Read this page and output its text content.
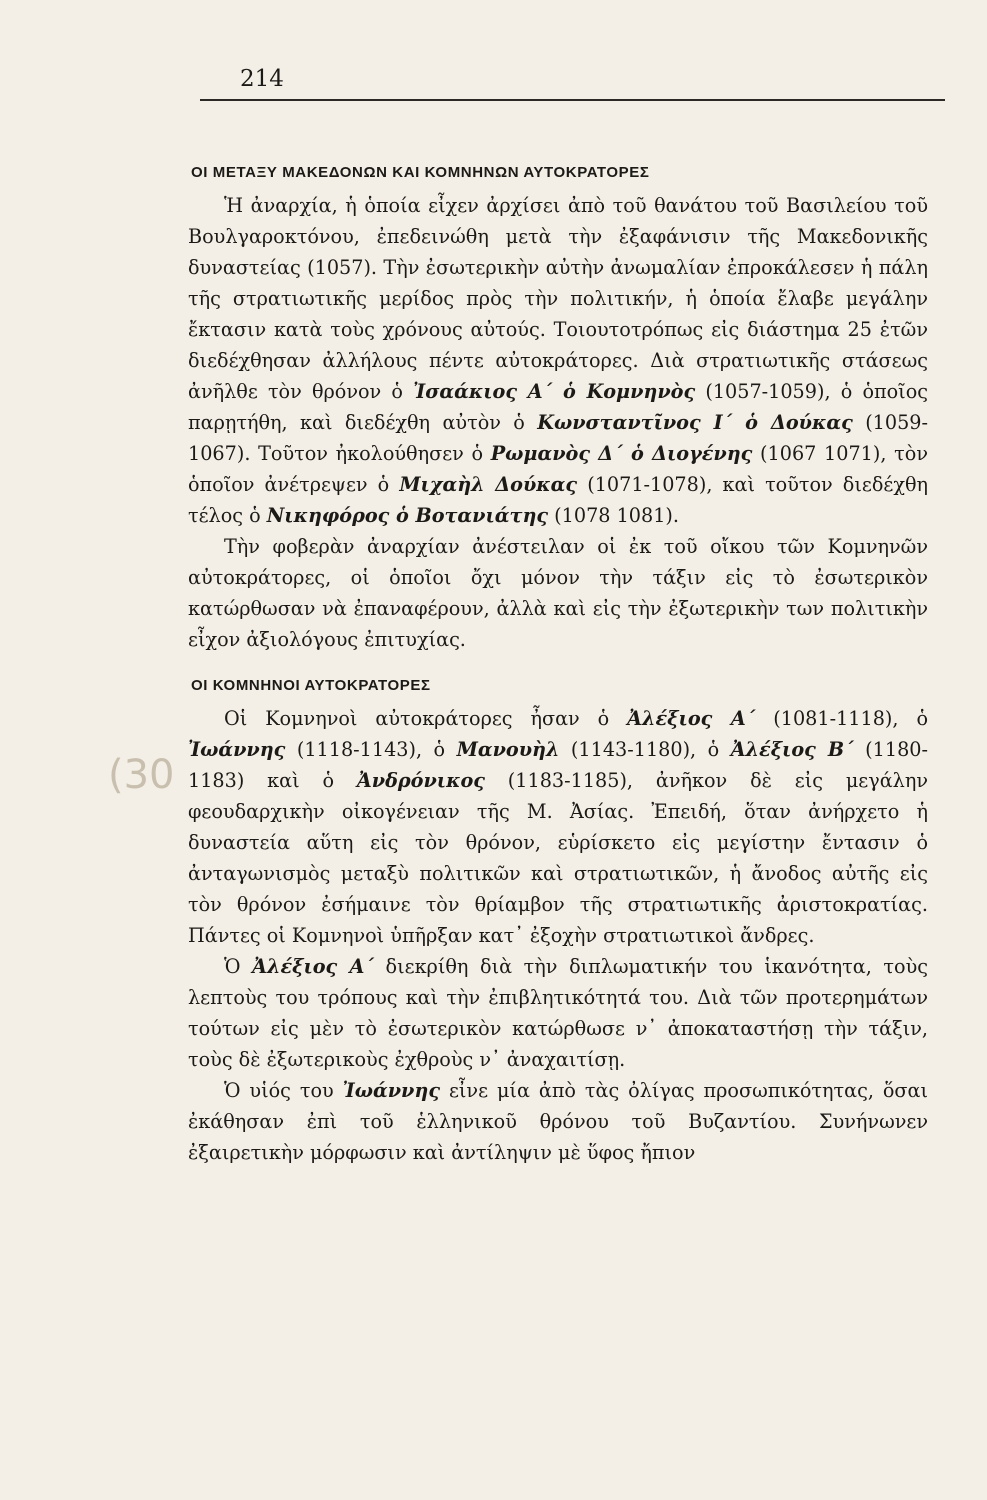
214
(30
ΟΙ ΜΕΤΑΞΥ ΜΑΚΕΔΟΝΩΝ ΚΑΙ ΚΟΜΝΗΝΩΝ ΑΥΤΟΚΡΑΤΟΡΕΣ

Ἡ ἀναρχία, ἡ ὁποία εἶχεν ἀρχίσει ἀπὸ τοῦ θανάτου τοῦ Βασιλείου τοῦ Βουλγαροκτόνου, ἐπεδεινώθη μετὰ τὴν ἐξαφάνισιν τῆς Μακεδονικῆς δυναστείας (1057). Τὴν ἐσωτερικὴν αὐτὴν ἀνωμαλίαν ἐπροκάλεσεν ἡ πάλη τῆς στρατιωτικῆς μερίδος πρὸς τὴν πολιτικήν, ἡ ὁποία ἔλαβε μεγάλην ἔκτασιν κατὰ τοὺς χρόνους αὐτούς. Τοιουτοτρόπως εἰς διάστημα 25 ἐτῶν διεδέχθησαν ἀλλήλους πέντε αὐτοκράτορες. Διὰ στρατιωτικῆς στάσεως ἀνῆλθε τὸν θρόνον ὁ Ἰσαάκιος Α΄ ὁ Κομνηνὸς (1057-1059), ὁ ὁποῖος παρῃτήθη, καὶ διεδέχθη αὐτὸν ὁ Κωνσταντῖνος Ι΄ ὁ Δούκας (1059-1067). Τοῦτον ἠκολούθησεν ὁ Ρωμανὸς Δ΄ ὁ Διογένης (1067 1071), τὸν ὁποῖον ἀνέτρεψεν ὁ Μιχαὴλ Δούκας (1071-1078), καὶ τοῦτον διεδέχθη τέλος ὁ Νικηφόρος ὁ Βοτανιάτης (1078 1081).

Τὴν φοβερὰν ἀναρχίαν ἀνέστειλαν οἱ ἐκ τοῦ οἴκου τῶν Κομνηνῶν αὐτοκράτορες, οἱ ὁποῖοι ὄχι μόνον τὴν τάξιν εἰς τὸ ἐσωτερικὸν κατώρθωσαν νὰ ἐπαναφέρουν, ἀλλὰ καὶ εἰς τὴν ἐξωτερικὴν των πολιτικὴν εἶχον ἀξιολόγους ἐπιτυχίας.

ΟΙ ΚΟΜΝΗΝΟΙ ΑΥΤΟΚΡΑΤΟΡΕΣ

Οἱ Κομνηνοὶ αὐτοκράτορες ἦσαν ὁ Ἀλέξιος Α΄ (1081-1118), ὁ Ἰωάννης (1118-1143), ὁ Μανουὴλ (1143-1180), ὁ Ἀλέξιος Β΄ (1180-1183) καὶ ὁ Ἀνδρόνικος (1183-1185), ἀνῆκον δὲ εἰς μεγάλην φεουδαρχικὴν οἰκογένειαν τῆς Μ. Ἀσίας. Ἐπειδή, ὅταν ἀνήρχετο ἡ δυναστεία αὕτη εἰς τὸν θρόνον, εὑρίσκετο εἰς μεγίστην ἔντασιν ὁ ἀνταγωνισμὸς μεταξὺ πολιτικῶν καὶ στρατιωτικῶν, ἡ ἄνοδος αὐτῆς εἰς τὸν θρόνον ἐσήμαινε τὸν θρίαμβον τῆς στρατιωτικῆς ἀριστοκρατίας. Πάντες οἱ Κομνηνοὶ ὑπῆρξαν κατ᾽ ἐξοχὴν στρατιωτικοὶ ἄνδρες.

Ὁ Ἀλέξιος Α΄ διεκρίθη διὰ τὴν διπλωματικήν του ἱκανότητα, τοὺς λεπτοὺς του τρόπους καὶ τὴν ἐπιβλητικότητά του. Διὰ τῶν προτερημάτων τούτων εἰς μὲν τὸ ἐσωτερικὸν κατώρθωσε ν᾽ ἀποκαταστήσῃ τὴν τάξιν, τοὺς δὲ ἐξωτερικοὺς ἐχθροὺς ν᾽ ἀναχαιτίσῃ.

Ὁ υἱός του Ἰωάννης εἶνε μία ἀπὸ τὰς ὀλίγας προσωπικότητας, ὅσαι ἐκάθησαν ἐπὶ τοῦ ἑλληνικοῦ θρόνου τοῦ Βυζαντίου. Συνήνωνεν ἐξαιρετικὴν μόρφωσιν καὶ ἀντίληψιν μὲ ὕφος ἤπιον
